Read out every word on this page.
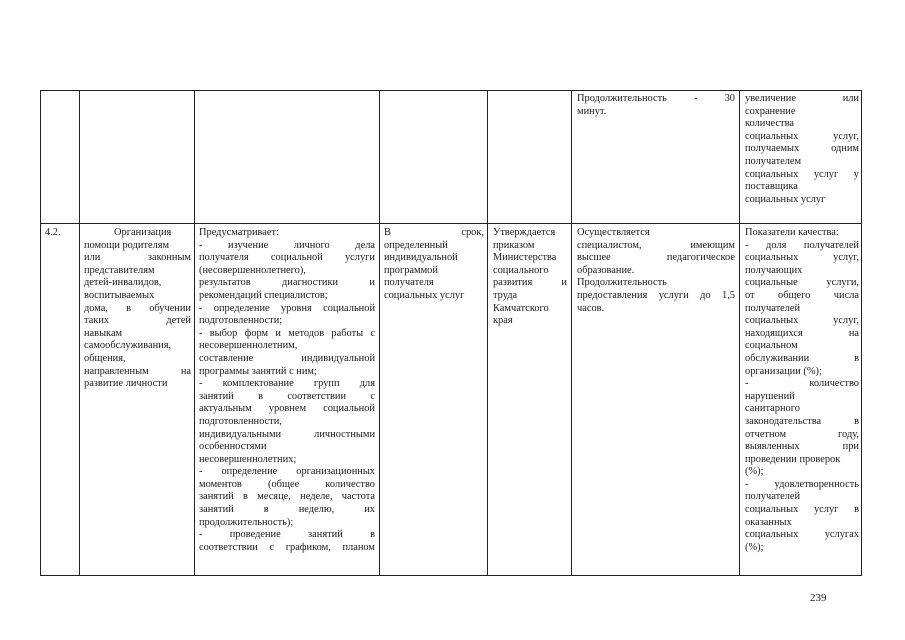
Продолжительность - 30
минут.
увеличение или
сохранение
количества
социальных услуг,
получаемых одним
получателем
социальных услуг у
поставщика
социальных услуг
4.2.	Организация
помощи родителям
или законным
представителям
детей-инвалидов,
воспитываемых
дома, в обучении
таких детей
навыкам
самообслуживания,
общения,
направленным на
развитие личности
Предусматривает:
- изучение личного дела
получателя социальной услуги
(несовершеннолетнего),
результатов диагностики и
рекомендаций специалистов;
- определение уровня социальной
подготовленности;
- выбор форм и методов работы с
несовершеннолетним,
составление индивидуальной
программы занятий с ним;
- комплектование групп для
занятий в соответствии с
актуальным уровнем социальной
подготовленности,
индивидуальными личностными
особенностями
несовершеннолетних;
- определение организационных
моментов (общее количество
занятий в месяце, неделе, частота
занятий в неделю, их
продолжительность);
- проведение занятий в
соответствии с графиком, планом
В срок,
определенный
индивидуальной
программой
получателя
социальных услуг
Утверждается
приказом
Министерства
социального
развития и
труда
Камчатского
края
Осуществляется
специалистом, имеющим
высшее педагогическое
образование.
Продолжительность
предоставления услуги до 1,5
часов.
Показатели качества:
- доля получателей
социальных услуг,
получающих
социальные услуги,
от общего числа
получателей
социальных услуг,
находящихся на
социальном
обслуживании в
организации (%);
- количество
нарушений
санитарного
законодательства в
отчетном году,
выявленных при
проведении проверок
(%);
- удовлетворенность
получателей
социальных услуг в
оказанных
социальных услугах
(%);
239
